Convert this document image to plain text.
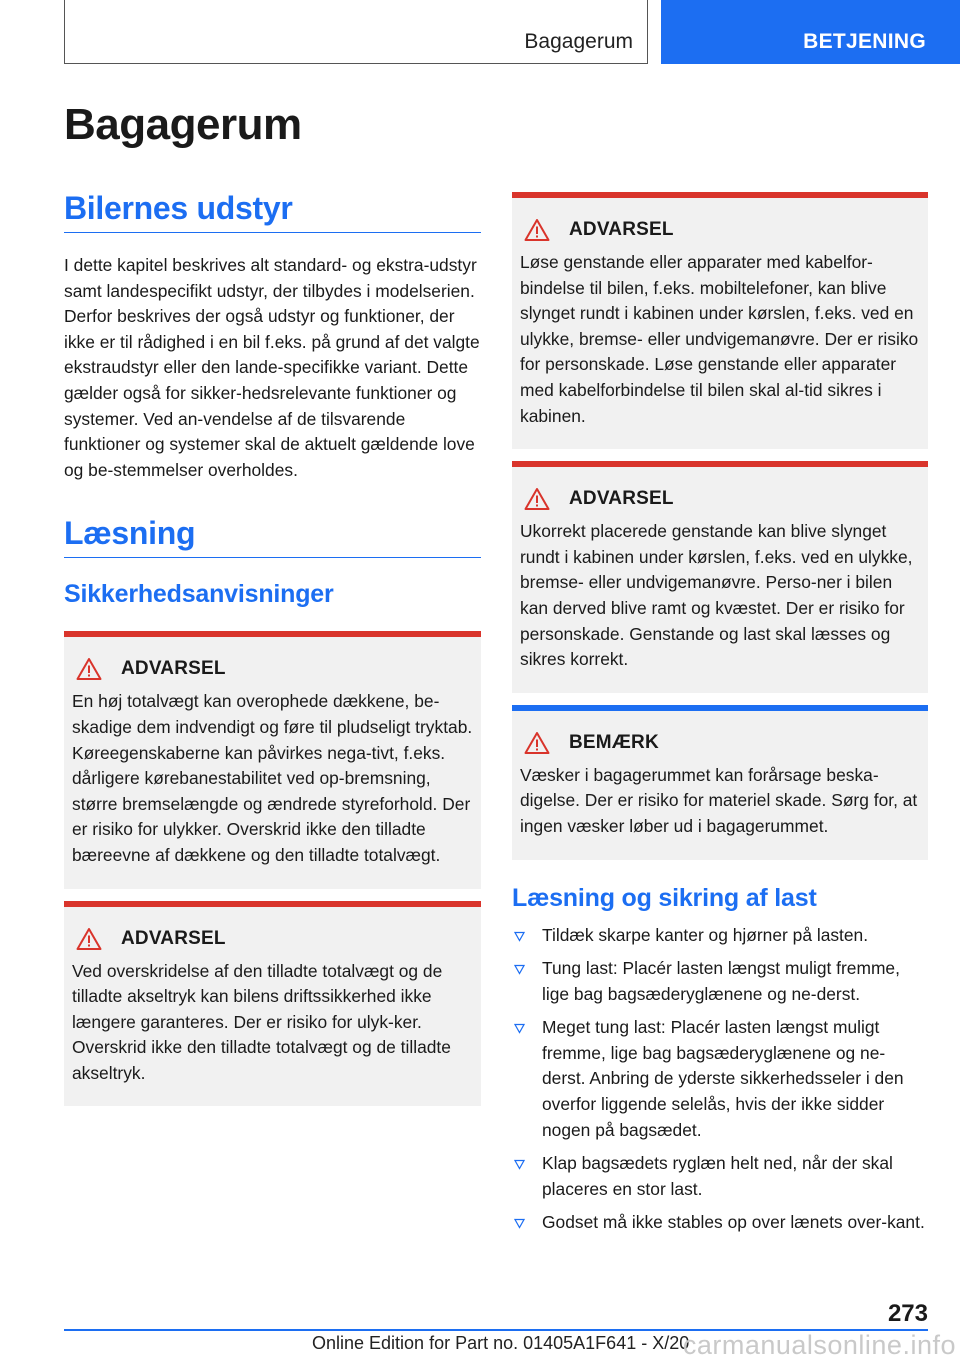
Bagagerum	BETJENING
Bagagerum
Bilernes udstyr

I dette kapitel beskrives alt standard- og ekstra-udstyr samt landespecifikt udstyr, der tilbydes i modelserien. Derfor beskrives der også udstyr og funktioner, der ikke er til rådighed i en bil f.eks. på grund af det valgte ekstraudstyr eller den lande-specifikke variant. Dette gælder også for sikker-hedsrelevante funktioner og systemer. Ved an-vendelse af de tilsvarende funktioner og systemer skal de aktuelt gældende love og be-stemmelser overholdes.

Læsning
Sikkerhedsanvisninger
ADVARSEL

En høj totalvægt kan overophede dækkene, be-skadige dem indvendigt og føre til pludseligt tryktab. Køreegenskaberne kan påvirkes nega-tivt, f.eks. dårligere kørebanestabilitet ved op-bremsning, større bremselængde og ændrede styreforhold. Der er risiko for ulykker. Overskrid ikke den tilladte bæreevne af dækkene og den tilladte totalvægt.

ADVARSEL

Ved overskridelse af den tilladte totalvægt og de tilladte akseltryk kan bilens driftssikkerhed ikke længere garanteres. Der er risiko for ulyk-ker. Overskrid ikke den tilladte totalvægt og de tilladte akseltryk.

ADVARSEL

Løse genstande eller apparater med kabelfor-bindelse til bilen, f.eks. mobiltelefoner, kan blive slynget rundt i kabinen under kørslen, f.eks. ved en ulykke, bremse- eller undvigemanøvre. Der er risiko for personskade. Løse genstande eller apparater med kabelforbindelse til bilen skal al-tid sikres i kabinen.

ADVARSEL

Ukorrekt placerede genstande kan blive slynget rundt i kabinen under kørslen, f.eks. ved en ulykke, bremse- eller undvigemanøvre. Perso-ner i bilen kan derved blive ramt og kvæstet. Der er risiko for personskade. Genstande og last skal læsses og sikres korrekt.

BEMÆRK

Væsker i bagagerummet kan forårsage beska-digelse. Der er risiko for materiel skade. Sørg for, at ingen væsker løber ud i bagagerummet.

Læsning og sikring af last
Tildæk skarpe kanter og hjørner på lasten.
Tung last: Placér lasten længst muligt fremme, lige bag bagsæderyglænene og ne-derst.
Meget tung last: Placér lasten længst muligt fremme, lige bag bagsæderyglænene og ne-derst. Anbring de yderste sikkerhedsseler i den overfor liggende selelås, hvis der ikke sidder nogen på bagsædet.
Klap bagsædets ryglæn helt ned, når der skal placeres en stor last.
Godset må ikke stables op over lænets over-kant.
273
Online Edition for Part no. 01405A1F641 - X/20
carmanualsonline.info
